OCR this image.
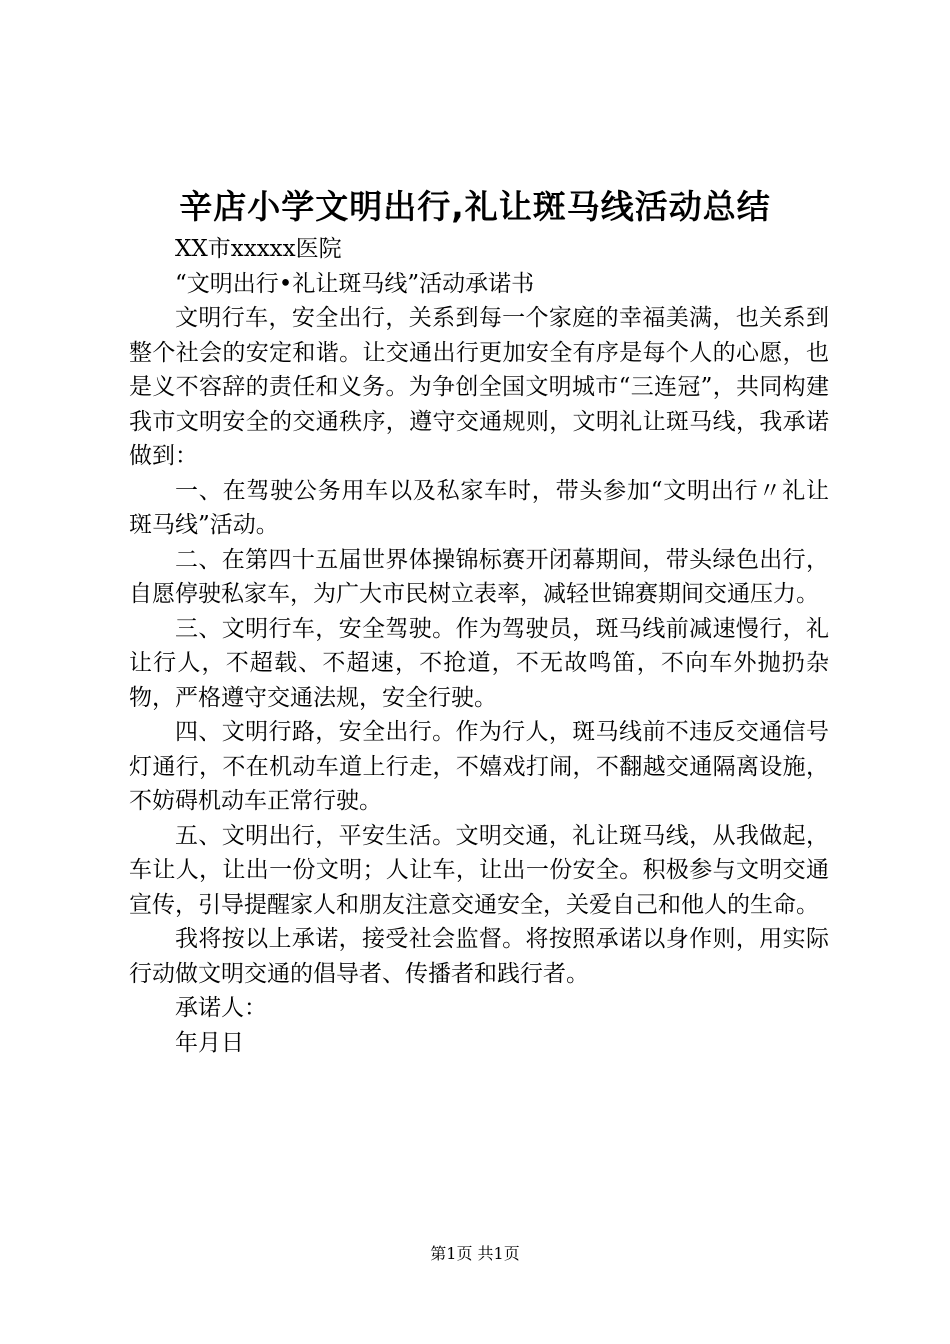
辛店小学文明出行,礼让斑马线活动总结

XX市xxxxx医院

“文明出行•礼让斑马线”活动承诺书

文明行车，安全出行，关系到每一个家庭的幸福美满，也关系到整个社会的安定和谐。让交通出行更加安全有序是每个人的心愿，也是义不容辞的责任和义务。为争创全国文明城市“三连冠”，共同构建我市文明安全的交通秩序，遵守交通规则，文明礼让斑马线，我承诺做到：

一、在驾驶公务用车以及私家车时，带头参加“文明出行〃礼让斑马线”活动。

二、在第四十五届世界体操锦标赛开闭幕期间，带头绿色出行，自愿停驶私家车，为广大市民树立表率，减轻世锦赛期间交通压力。

三、文明行车，安全驾驶。作为驾驶员，斑马线前减速慢行，礼让行人，不超载、不超速，不抢道，不无故鸣笛，不向车外抛扔杂物，严格遵守交通法规，安全行驶。

四、文明行路，安全出行。作为行人，斑马线前不违反交通信号灯通行，不在机动车道上行走，不嬉戏打闹，不翻越交通隔离设施，不妨碍机动车正常行驶。

五、文明出行，平安生活。文明交通，礼让斑马线，从我做起，车让人，让出一份文明；人让车，让出一份安全。积极参与文明交通宣传，引导提醒家人和朋友注意交通安全，关爱自己和他人的生命。

我将按以上承诺，接受社会监督。将按照承诺以身作则，用实际行动做文明交通的倡导者、传播者和践行者。

承诺人：

年月日

第1页 共1页
